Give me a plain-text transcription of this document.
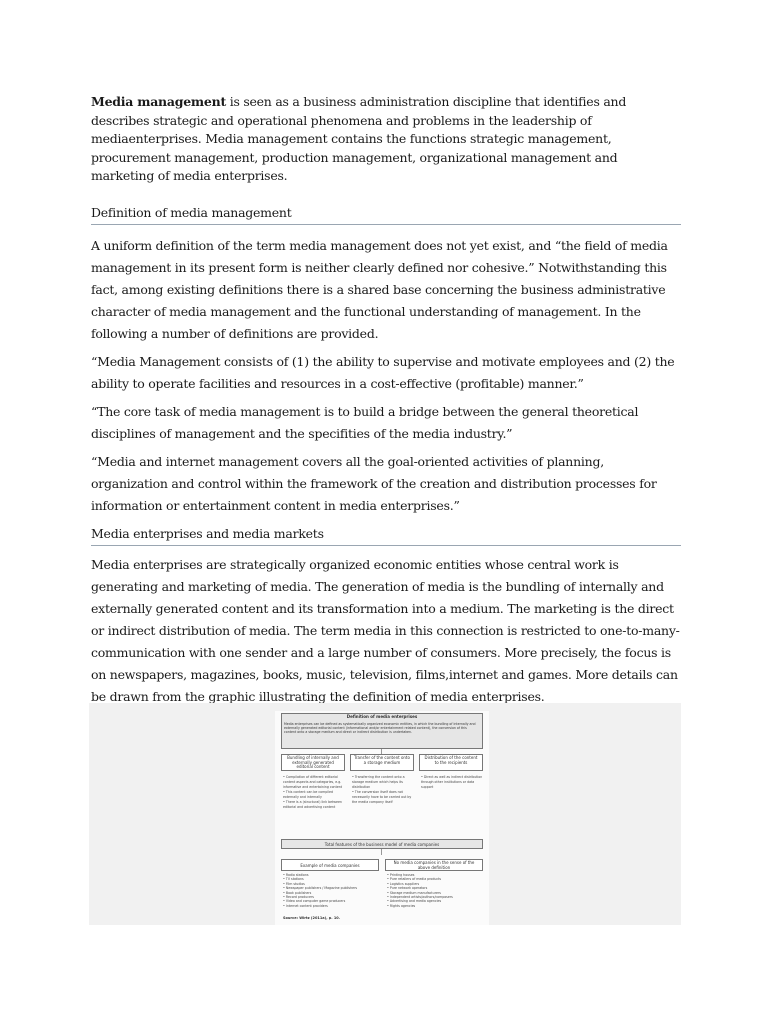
Media management is seen as a business administration discipline that identifies and describes strategic and operational phenomena and problems in the leadership of mediaenterprises. Media management contains the functions strategic management, procurement management, production management, organizational management and marketing of media enterprises.

Definition of media management

A uniform definition of the term media management does not yet exist, and “the field of media management in its present form is neither clearly defined nor cohesive.” Notwithstanding this fact, among existing definitions there is a shared base concerning the business administrative character of media management and the functional understanding of management. In the following a number of definitions are provided.

“Media Management consists of (1) the ability to supervise and motivate employees and (2) the ability to operate facilities and resources in a cost-effective (profitable) manner.”

“The core task of media management is to build a bridge between the general theoretical disciplines of management and the specifities of the media industry.”

“Media and internet management covers all the goal-oriented activities of planning, organization and control within the framework of the creation and distribution processes for information or entertainment content in media enterprises.”

Media enterprises and media markets

Media enterprises are strategically organized economic entities whose central work is generating and marketing of media. The generation of media is the bundling of internally and externally generated content and its transformation into a medium. The marketing is the direct or indirect distribution of media. The term media in this connection is restricted to one-to-many-communication with one sender and a large number of consumers. More precisely, the focus is on newspapers, magazines, books, music, television, films,internet and games. More details can be drawn from the graphic illustrating the definition of media enterprises.

Definition of media enterprises
Media enterprises can be defined as systematically organized economic entities, in which the bundling of internally and externally generated editorial content (informational and/or entertainment related content), the conversion of this content onto a storage medium and direct or indirect distribution is undertaken.
Bundling of internally and externally generated editorial content
Transfer of the content onto a storage medium
Distribution of the content to the recipients
• Compilation of different editorial content aspects and categories, e.g. informative and entertaining content
• This content can be compiled externally and internally
• There is a (structural) link between editorial and advertising content
• Transferring the content onto a storage medium which helps its distribution
• The conversion itself does not necessarily have to be carried out by the media company itself
• Direct as well as indirect distribution through other institutions or data support
Total features of the business model of media companies
Example of media companies
No media companies in the sense of the above definition
• Radio stations
• TV stations
• Film studios
• Newspaper publishers / Magazine publishers
• Book publishers
• Record producers
• Video and computer game producers
• Internet content providers
• Printing houses
• Pure retailers of media products
• Logistics suppliers
• Pure network operators
• Storage medium manufacturers
• Independent artists/authors/composers
• Advertising and media agencies
• Rights agencies
Source: Wirtz (2011a), p. 10.
